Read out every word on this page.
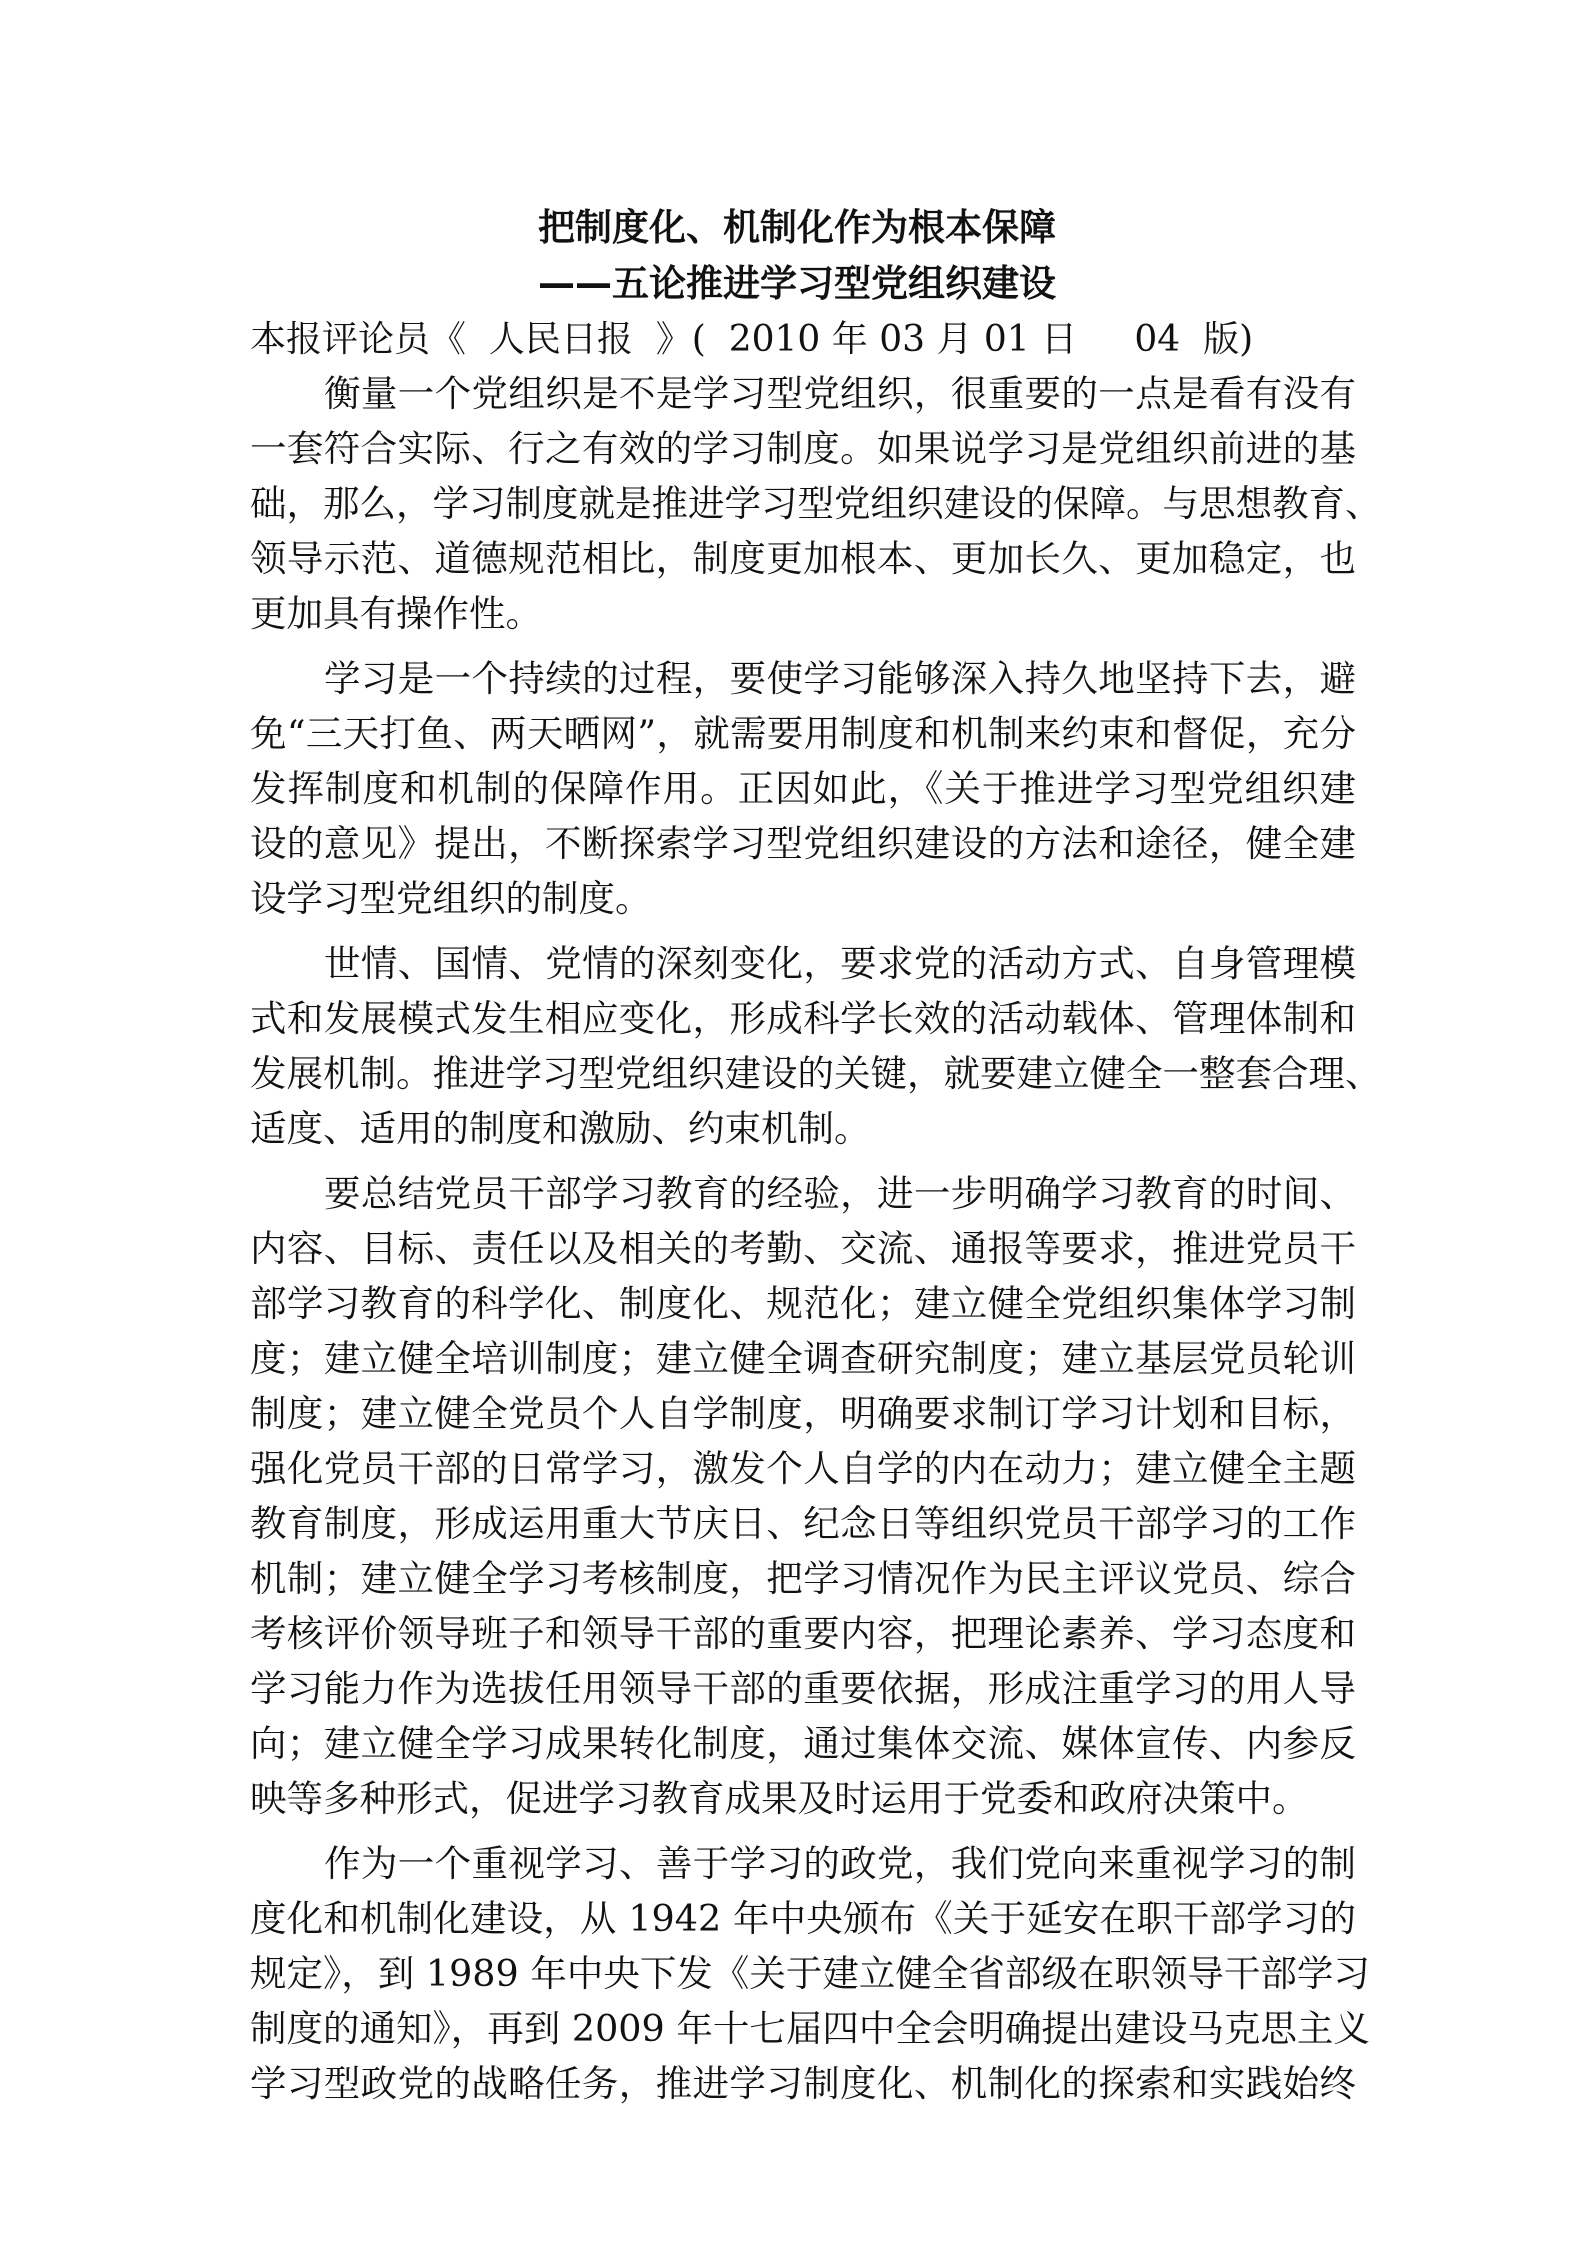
把制度化、机制化作为根本保障
——五论推进学习型党组织建设

本报评论员《  人民日报  》(  2010 年 03 月 01 日     04  版)

衡量一个党组织是不是学习型党组织，很重要的一点是看有没有
一套符合实际、行之有效的学习制度。如果说学习是党组织前进的基
础，那么，学习制度就是推进学习型党组织建设的保障。与思想教育、
领导示范、道德规范相比，制度更加根本、更加长久、更加稳定，也
更加具有操作性。

学习是一个持续的过程，要使学习能够深入持久地坚持下去，避
免“三天打鱼、两天晒网”，就需要用制度和机制来约束和督促，充分
发挥制度和机制的保障作用。正因如此，《关于推进学习型党组织建
设的意见》提出，不断探索学习型党组织建设的方法和途径，健全建
设学习型党组织的制度。

世情、国情、党情的深刻变化，要求党的活动方式、自身管理模
式和发展模式发生相应变化，形成科学长效的活动载体、管理体制和
发展机制。推进学习型党组织建设的关键，就要建立健全一整套合理、
适度、适用的制度和激励、约束机制。

要总结党员干部学习教育的经验，进一步明确学习教育的时间、
内容、目标、责任以及相关的考勤、交流、通报等要求，推进党员干
部学习教育的科学化、制度化、规范化；建立健全党组织集体学习制
度；建立健全培训制度；建立健全调查研究制度；建立基层党员轮训
制度；建立健全党员个人自学制度，明确要求制订学习计划和目标，
强化党员干部的日常学习，激发个人自学的内在动力；建立健全主题
教育制度，形成运用重大节庆日、纪念日等组织党员干部学习的工作
机制；建立健全学习考核制度，把学习情况作为民主评议党员、综合
考核评价领导班子和领导干部的重要内容，把理论素养、学习态度和
学习能力作为选拔任用领导干部的重要依据，形成注重学习的用人导
向；建立健全学习成果转化制度，通过集体交流、媒体宣传、内参反
映等多种形式，促进学习教育成果及时运用于党委和政府决策中。

作为一个重视学习、善于学习的政党，我们党向来重视学习的制
度化和机制化建设，从 1942 年中央颁布《关于延安在职干部学习的
规定》，到 1989 年中央下发《关于建立健全省部级在职领导干部学习
制度的通知》，再到 2009 年十七届四中全会明确提出建设马克思主义
学习型政党的战略任务，推进学习制度化、机制化的探索和实践始终
